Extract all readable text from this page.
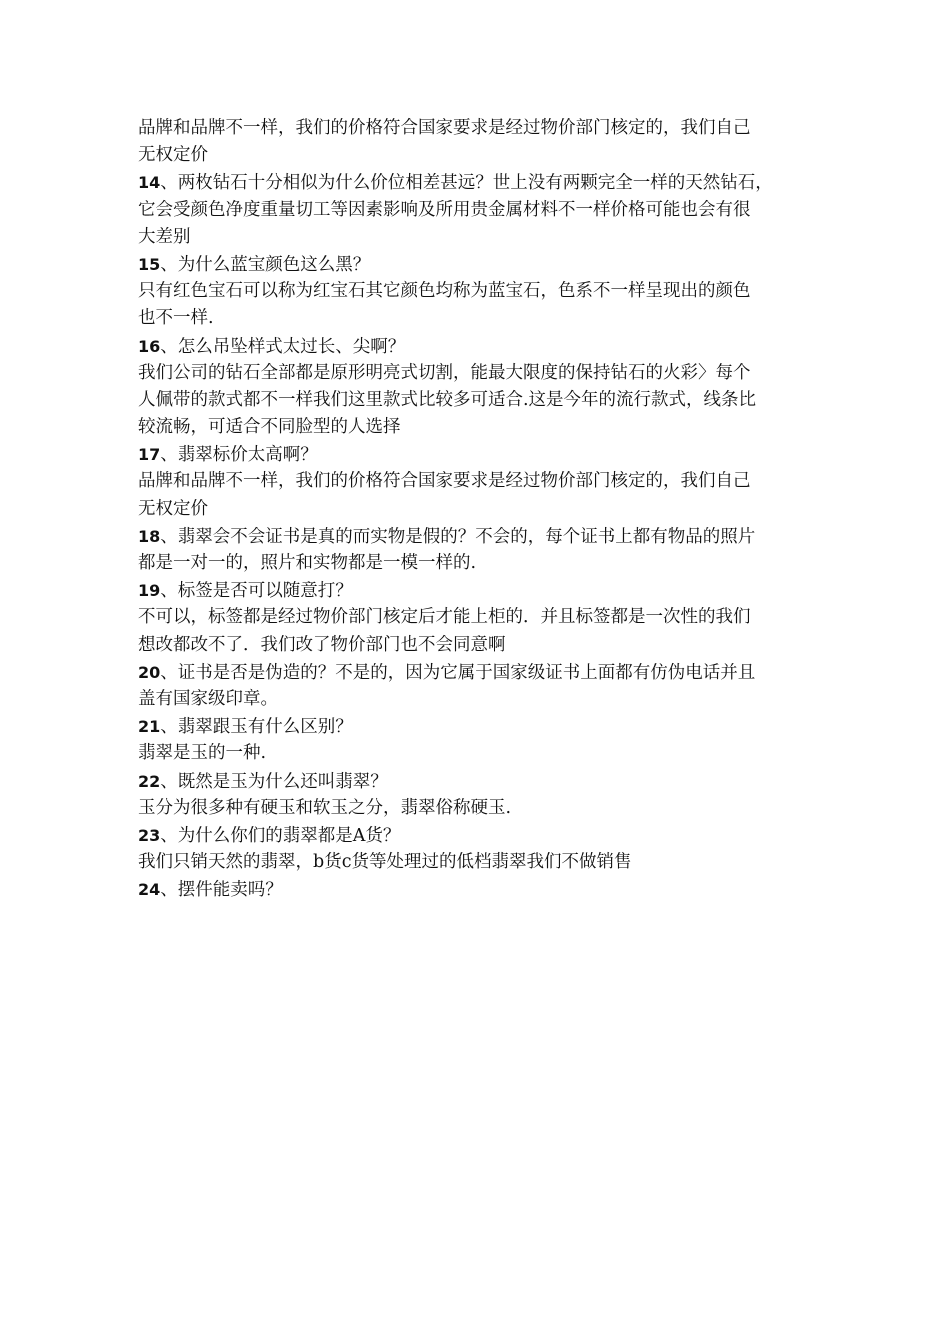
品牌和品牌不一样，我们的价格符合国家要求是经过物价部门核定的，我们自己
无权定价
14、两枚钻石十分相似为什么价位相差甚远？世上没有两颗完全一样的天然钻石，
它会受颜色净度重量切工等因素影响及所用贵金属材料不一样价格可能也会有很
大差别
15、为什么蓝宝颜色这么黑？
只有红色宝石可以称为红宝石其它颜色均称为蓝宝石，色系不一样呈现出的颜色
也不一样.
16、怎么吊坠样式太过长、尖啊？
我们公司的钻石全部都是原形明亮式切割，能最大限度的保持钻石的火彩〉每个
人佩带的款式都不一样我们这里款式比较多可适合.这是今年的流行款式，线条比
较流畅，可适合不同脸型的人选择
17、翡翠标价太高啊？
品牌和品牌不一样，我们的价格符合国家要求是经过物价部门核定的，我们自己
无权定价
18、翡翠会不会证书是真的而实物是假的？不会的，每个证书上都有物品的照片
都是一对一的，照片和实物都是一模一样的.
19、标签是否可以随意打？
不可以，标签都是经过物价部门核定后才能上柜的．并且标签都是一次性的我们
想改都改不了．我们改了物价部门也不会同意啊
20、证书是否是伪造的？不是的，因为它属于国家级证书上面都有仿伪电话并且
盖有国家级印章。
21、翡翠跟玉有什么区别？
翡翠是玉的一种.
22、既然是玉为什么还叫翡翠？
玉分为很多种有硬玉和软玉之分，翡翠俗称硬玉.
23、为什么你们的翡翠都是A货？
我们只销天然的翡翠，b货c货等处理过的低档翡翠我们不做销售
24、摆件能卖吗？
